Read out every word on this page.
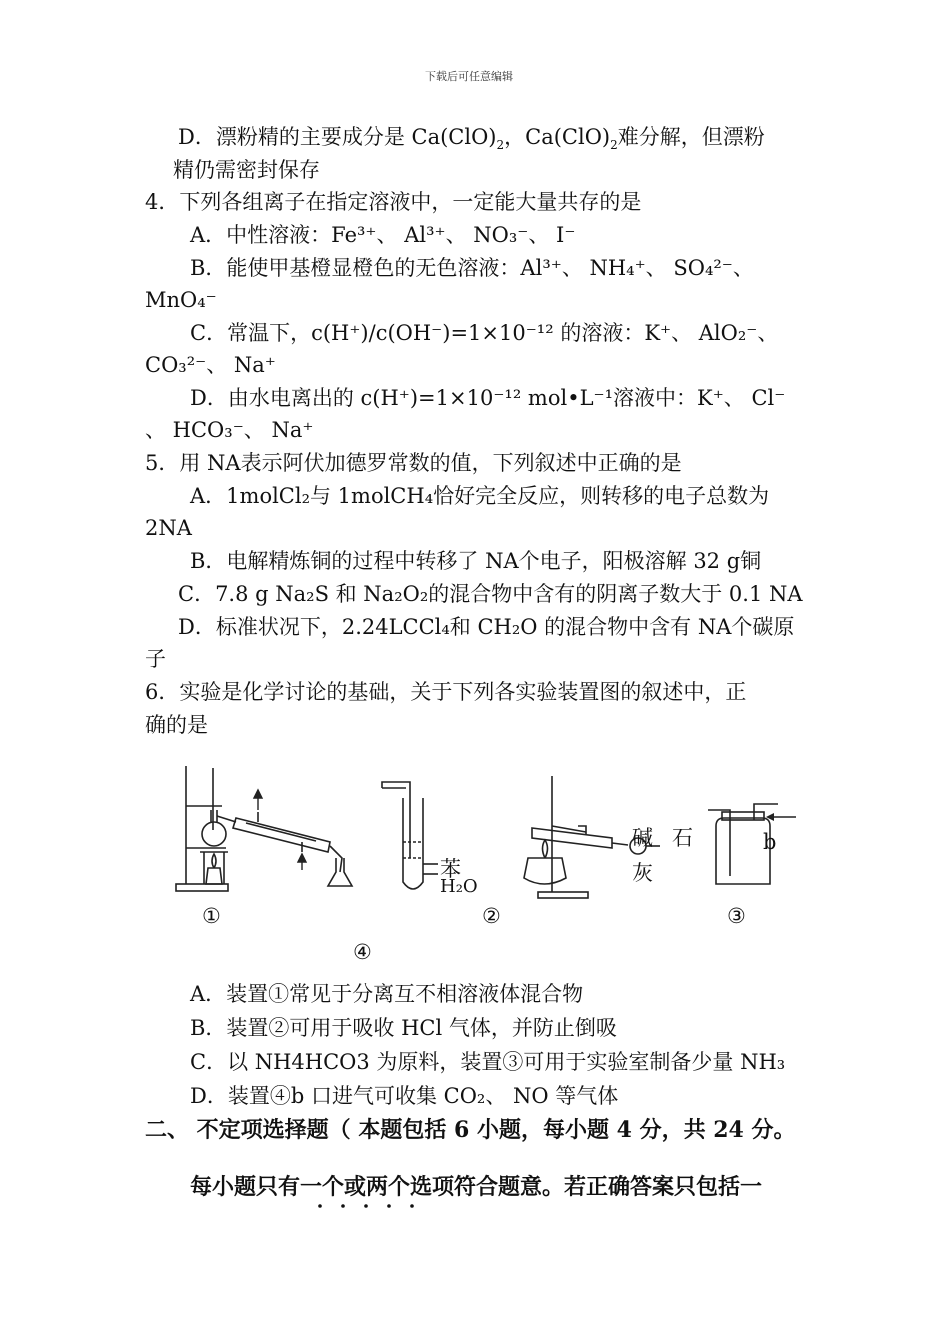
下载后可任意编辑
D．漂粉精的主要成分是 $Ca(ClO)_2$，$Ca(ClO)_2$难分解，但漂粉
精仍需密封保存
4．下列各组离子在指定溶液中，一定能大量共存的是
A．中性溶液：Fe³⁺、 Al³⁺、 NO₃⁻、 I⁻
B．能使甲基橙显橙色的无色溶液：Al³⁺、 NH₄⁺、 SO₄²⁻、
MnO₄⁻
C．常温下，c(H⁺)/c(OH⁻)=1×10⁻¹² 的溶液：K⁺、 AlO₂⁻、
CO₃²⁻、 Na⁺
D．由水电离出的 c(H⁺)=1×10⁻¹² mol•L⁻¹溶液中：K⁺、 Cl⁻
、 HCO₃⁻、 Na⁺
5．用 NA表示阿伏加德罗常数的值，下列叙述中正确的是
A．1molCl₂与 1molCH₄恰好完全反应，则转移的电子总数为
2NA
B．电解精炼铜的过程中转移了 NA个电子，阳极溶解 32 g铜
C．7.8 g Na₂S 和 Na₂O₂的混合物中含有的阴离子数大于 0.1 NA
D．标准状况下，2.24LCCl₄和 CH₂O 的混合物中含有 NA个碳原
子
6．实验是化学讨论的基础，关于下列各实验装置图的叙述中，正
确的是
苯
H₂O
碱 石
灰
b
①	②	③
④
A．装置①常见于分离互不相溶液体混合物
B．装置②可用于吸收 HCl 气体，并防止倒吸
C．以 NH4HCO3 为原料，装置③可用于实验室制备少量 NH₃
D．装置④b 口进气可收集 CO₂、 NO 等气体
二、 不定项选择题（ 本题包括 6 小题，每小题 4 分，共 24 分。
每小题只有一个或两个选项符合题意。若正确答案只包括一
